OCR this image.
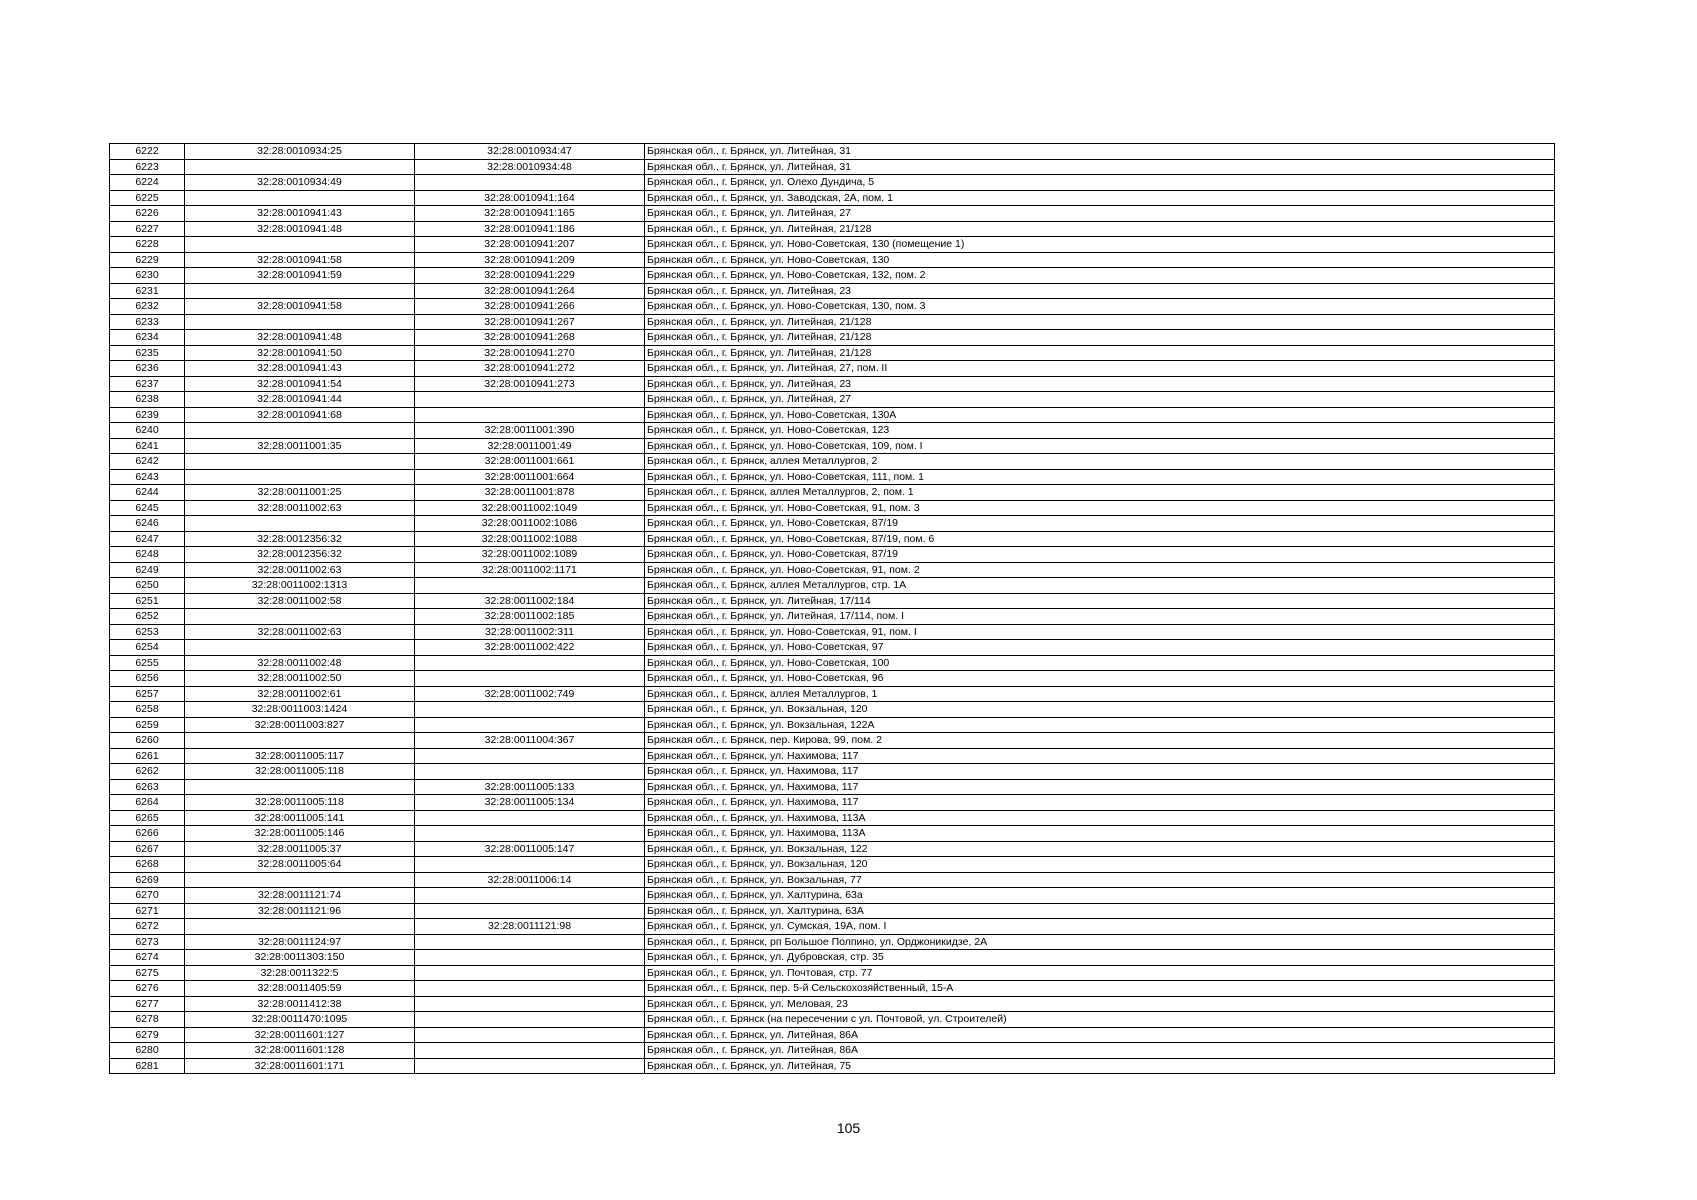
6222	32:28:0010934:25	32:28:0010934:47	Брянская обл., г. Брянск, ул. Литейная, 31
6223		32:28:0010934:48	Брянская обл., г. Брянск, ул. Литейная, 31
6224	32:28:0010934:49		Брянская обл., г. Брянск, ул. Олехо Дундича, 5
6225		32:28:0010941:164	Брянская обл., г. Брянск, ул. Заводская, 2А, пом. 1
6226	32:28:0010941:43	32:28:0010941:165	Брянская обл., г. Брянск, ул. Литейная, 27
6227	32:28:0010941:48	32:28:0010941:186	Брянская обл., г. Брянск, ул. Литейная, 21/128
6228		32:28:0010941:207	Брянская обл., г. Брянск, ул. Ново-Советская, 130 (помещение 1)
6229	32:28:0010941:58	32:28:0010941:209	Брянская обл., г. Брянск, ул. Ново-Советская, 130
6230	32:28:0010941:59	32:28:0010941:229	Брянская обл., г. Брянск, ул. Ново-Советская, 132, пом. 2
6231		32:28:0010941:264	Брянская обл., г. Брянск, ул. Литейная, 23
6232	32:28:0010941:58	32:28:0010941:266	Брянская обл., г. Брянск, ул. Ново-Советская, 130, пом. 3
6233		32:28:0010941:267	Брянская обл., г. Брянск, ул. Литейная, 21/128
6234	32:28:0010941:48	32:28:0010941:268	Брянская обл., г. Брянск, ул. Литейная, 21/128
6235	32:28:0010941:50	32:28:0010941:270	Брянская обл., г. Брянск, ул. Литейная, 21/128
6236	32:28:0010941:43	32:28:0010941:272	Брянская обл., г. Брянск, ул. Литейная, 27, пом. II
6237	32:28:0010941:54	32:28:0010941:273	Брянская обл., г. Брянск, ул. Литейная, 23
6238	32:28:0010941:44		Брянская обл., г. Брянск, ул. Литейная, 27
6239	32:28:0010941:68		Брянская обл., г. Брянск, ул. Ново-Советская, 130А
6240		32:28:0011001:390	Брянская обл., г. Брянск, ул. Ново-Советская, 123
6241	32:28:0011001:35	32:28:0011001:49	Брянская обл., г. Брянск, ул. Ново-Советская, 109, пом. I
6242		32:28:0011001:661	Брянская обл., г. Брянск, аллея Металлургов, 2
6243		32:28:0011001:664	Брянская обл., г. Брянск, ул. Ново-Советская, 111, пом. 1
6244	32:28:0011001:25	32:28:0011001:878	Брянская обл., г. Брянск, аллея Металлургов, 2, пом. 1
6245	32:28:0011002:63	32:28:0011002:1049	Брянская обл., г. Брянск, ул. Ново-Советская, 91, пом. 3
6246		32:28:0011002:1086	Брянская обл., г. Брянск, ул. Ново-Советская, 87/19
6247	32:28:0012356:32	32:28:0011002:1088	Брянская обл., г. Брянск, ул. Ново-Советская, 87/19, пом. 6
6248	32:28:0012356:32	32:28:0011002:1089	Брянская обл., г. Брянск, ул. Ново-Советская, 87/19
6249	32:28:0011002:63	32:28:0011002:1171	Брянская обл., г. Брянск, ул. Ново-Советская, 91, пом. 2
6250	32:28:0011002:1313		Брянская обл., г. Брянск, аллея Металлургов, стр. 1А
6251	32:28:0011002:58	32:28:0011002:184	Брянская обл., г. Брянск, ул. Литейная, 17/114
6252		32:28:0011002:185	Брянская обл., г. Брянск, ул. Литейная, 17/114, пом. I
6253	32:28:0011002:63	32:28:0011002:311	Брянская обл., г. Брянск, ул. Ново-Советская, 91, пом. I
6254		32:28:0011002:422	Брянская обл., г. Брянск, ул. Ново-Советская, 97
6255	32:28:0011002:48		Брянская обл., г. Брянск, ул. Ново-Советская, 100
6256	32:28:0011002:50		Брянская обл., г. Брянск, ул. Ново-Советская, 96
6257	32:28:0011002:61	32:28:0011002:749	Брянская обл., г. Брянск, аллея Металлургов, 1
6258	32:28:0011003:1424		Брянская обл., г. Брянск, ул. Вокзальная, 120
6259	32:28:0011003:827		Брянская обл., г. Брянск, ул. Вокзальная, 122А
6260		32:28:0011004:367	Брянская обл., г. Брянск, пер. Кирова, 99, пом. 2
6261	32:28:0011005:117		Брянская обл., г. Брянск, ул. Нахимова, 117
6262	32:28:0011005:118		Брянская обл., г. Брянск, ул. Нахимова, 117
6263		32:28:0011005:133	Брянская обл., г. Брянск, ул. Нахимова, 117
6264	32:28:0011005:118	32:28:0011005:134	Брянская обл., г. Брянск, ул. Нахимова, 117
6265	32:28:0011005:141		Брянская обл., г. Брянск, ул. Нахимова, 113А
6266	32:28:0011005:146		Брянская обл., г. Брянск, ул. Нахимова, 113А
6267	32:28:0011005:37	32:28:0011005:147	Брянская обл., г. Брянск, ул. Вокзальная, 122
6268	32:28:0011005:64		Брянская обл., г. Брянск, ул. Вокзальная, 120
6269		32:28:0011006:14	Брянская обл., г. Брянск, ул. Вокзальная, 77
6270	32:28:0011121:74		Брянская обл., г. Брянск, ул. Халтурина, 63а
6271	32:28:0011121:96		Брянская обл., г. Брянск, ул. Халтурина, 63А
6272		32:28:0011121:98	Брянская обл., г. Брянск, ул. Сумская, 19А, пом. I
6273	32:28:0011124:97		Брянская обл., г. Брянск, рп Большое Полпино, ул. Орджоникидзе, 2А
6274	32:28:0011303:150		Брянская обл., г. Брянск, ул. Дубровская, стр. 35
6275	32:28:0011322:5		Брянская обл., г. Брянск, ул. Почтовая, стр. 77
6276	32:28:0011405:59		Брянская обл., г. Брянск, пер. 5-й Сельскохозяйственный, 15-А
6277	32:28:0011412:38		Брянская обл., г. Брянск, ул. Меловая, 23
6278	32:28:0011470:1095		Брянская обл., г. Брянск (на пересечении с ул. Почтовой, ул. Строителей)
6279	32:28:0011601:127		Брянская обл., г. Брянск, ул. Литейная, 86А
6280	32:28:0011601:128		Брянская обл., г. Брянск, ул. Литейная, 86А
6281	32:28:0011601:171		Брянская обл., г. Брянск, ул. Литейная, 75
105
